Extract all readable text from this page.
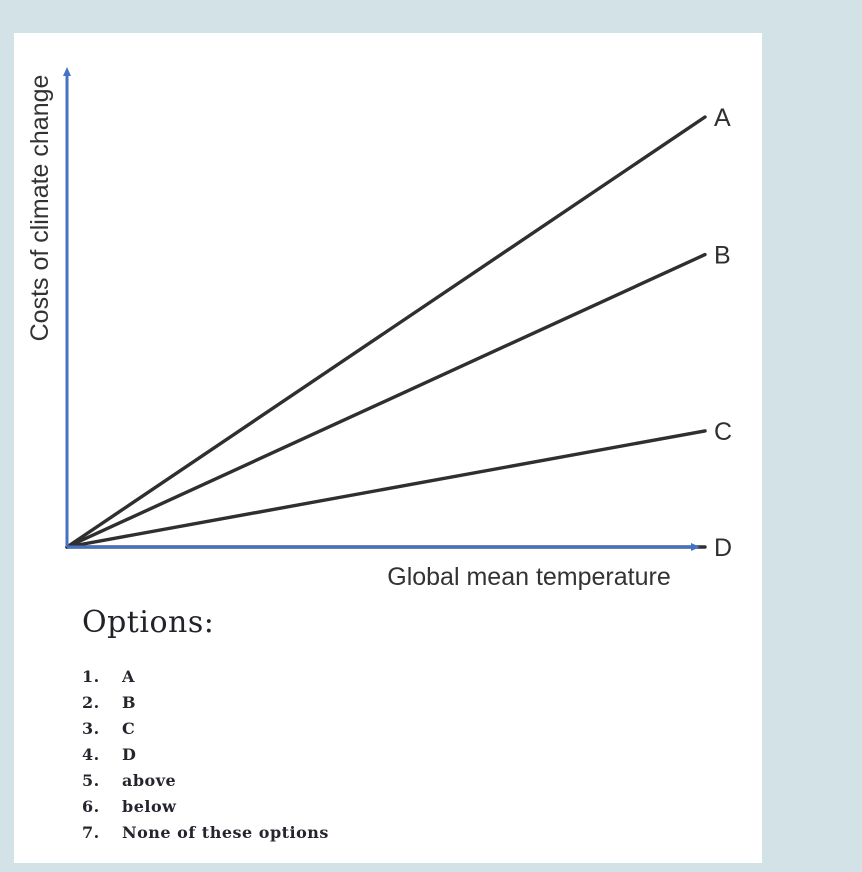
A
B
C
D
Costs of climate change
Global mean temperature
Options:
1.	A
2.	B
3.	C
4.	D
5.	above
6.	below
7.	None of these options
